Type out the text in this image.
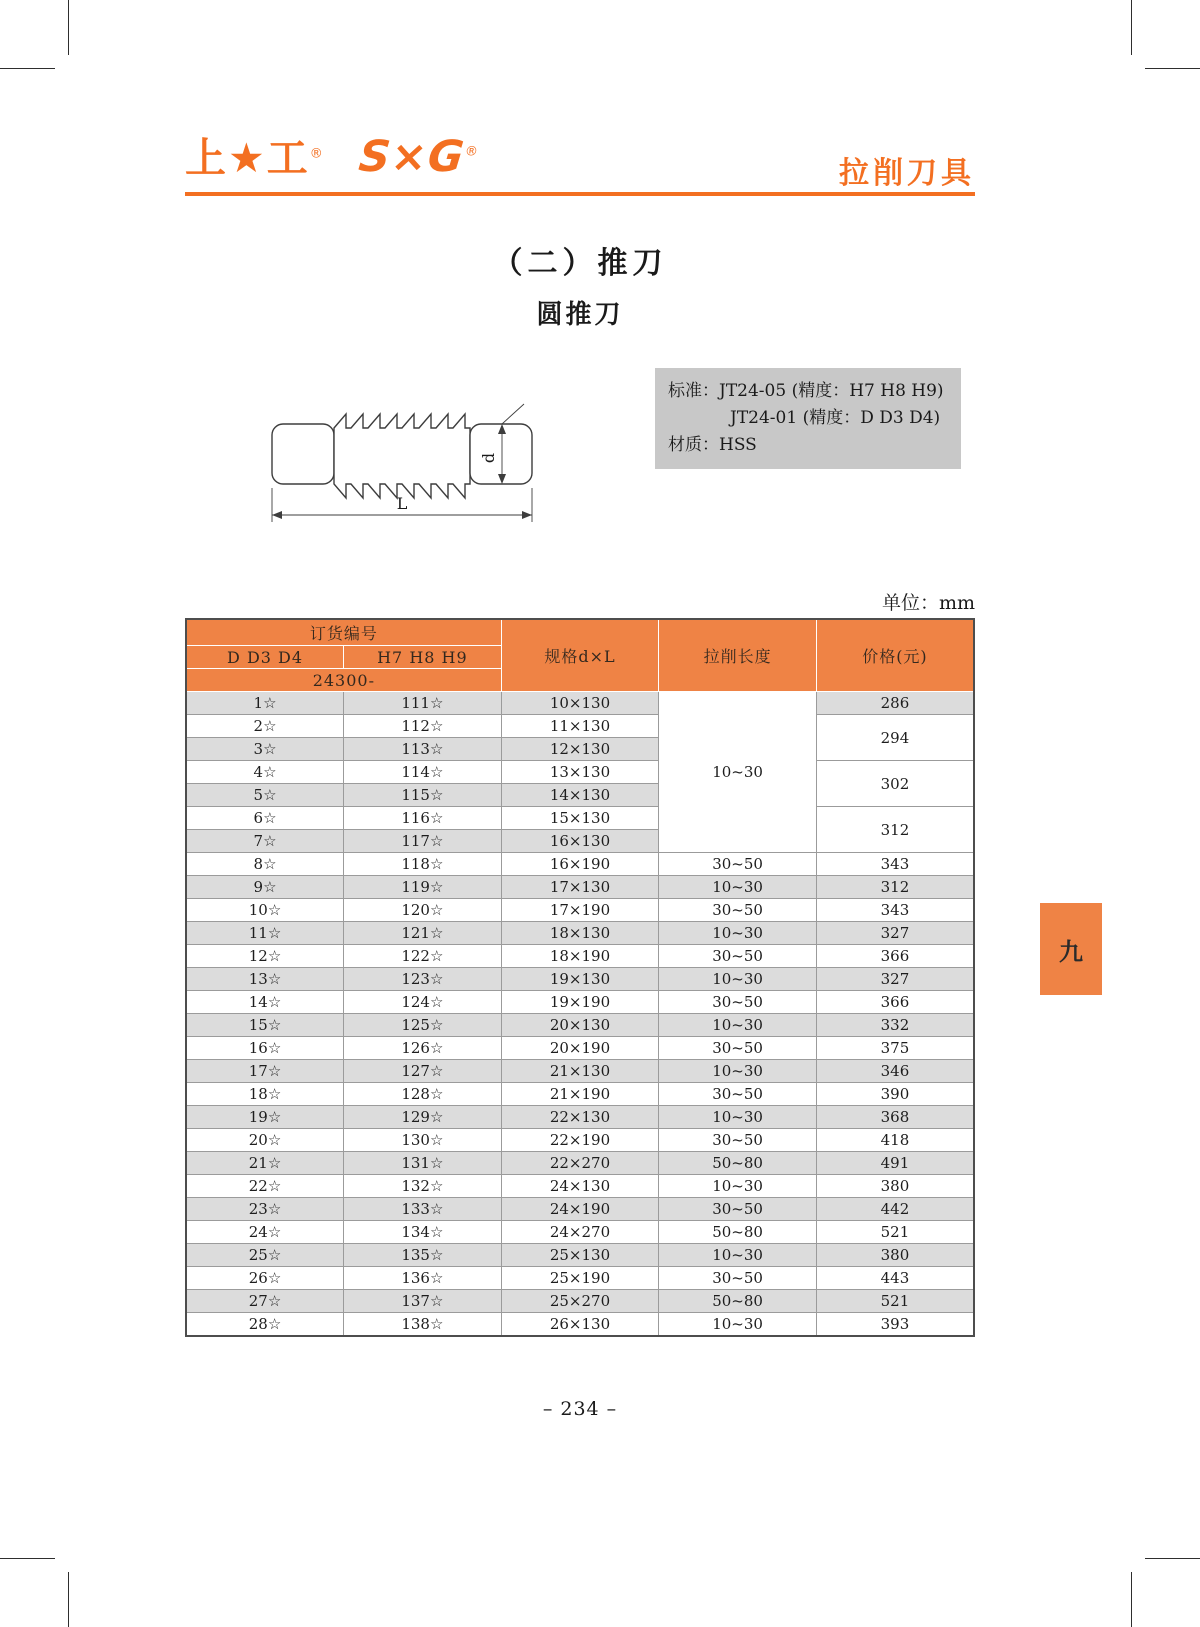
上★工® S×G®
拉削刀具
（二）推刀
圆推刀
d
L
标准：JT24-05 (精度：H7 H8 H9)
JT24-01 (精度：D D3 D4)
材质：HSS
单位：mm
订货编号		规格d×L	拉削长度	价格(元)
D D3 D4	H7 H8 H9			
24300-				
1☆	111☆	10×130	10~30	286
2☆	112☆	11×130		294
3☆	113☆	12×130		
4☆	114☆	13×130		302
5☆	115☆	14×130		
6☆	116☆	15×130		312
7☆	117☆	16×130		
8☆	118☆	16×190	30~50	343
9☆	119☆	17×130	10~30	312
10☆	120☆	17×190	30~50	343
11☆	121☆	18×130	10~30	327
12☆	122☆	18×190	30~50	366
13☆	123☆	19×130	10~30	327
14☆	124☆	19×190	30~50	366
15☆	125☆	20×130	10~30	332
16☆	126☆	20×190	30~50	375
17☆	127☆	21×130	10~30	346
18☆	128☆	21×190	30~50	390
19☆	129☆	22×130	10~30	368
20☆	130☆	22×190	30~50	418
21☆	131☆	22×270	50~80	491
22☆	132☆	24×130	10~30	380
23☆	133☆	24×190	30~50	442
24☆	134☆	24×270	50~80	521
25☆	135☆	25×130	10~30	380
26☆	136☆	25×190	30~50	443
27☆	137☆	25×270	50~80	521
28☆	138☆	26×130	10~30	393
– 234 –
九
